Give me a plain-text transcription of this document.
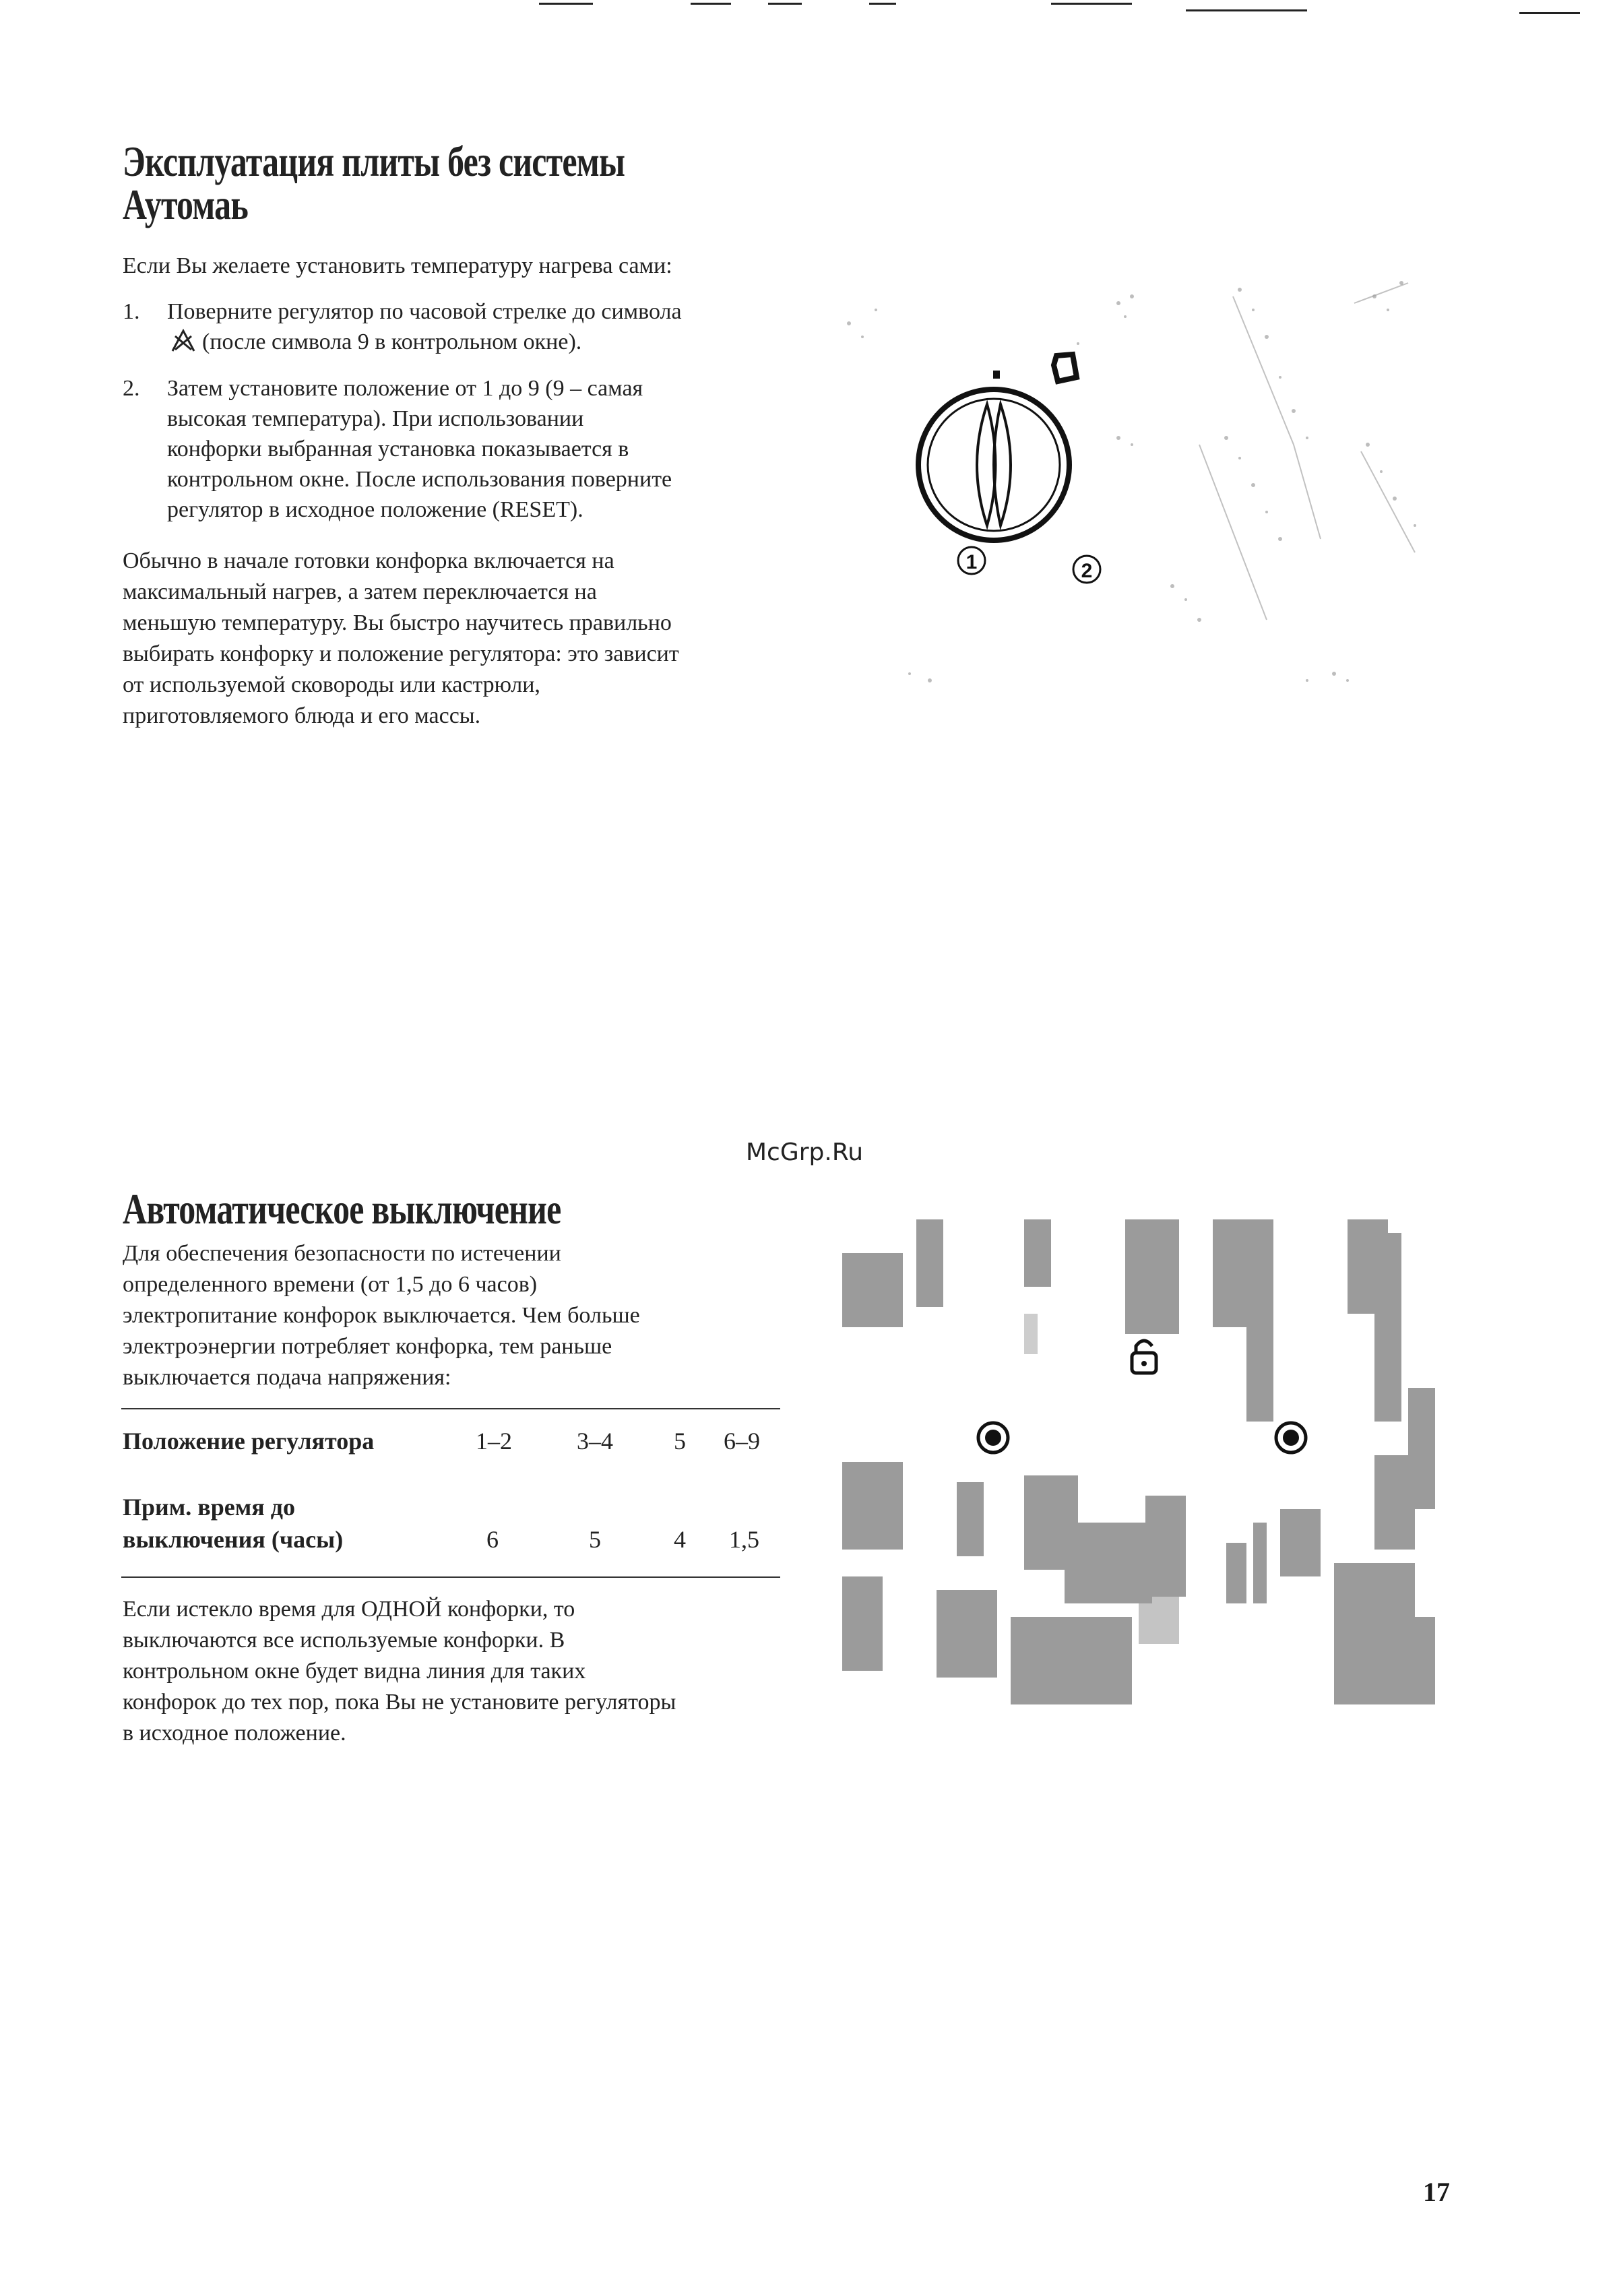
Эксплуатация плиты без системы
Аутомаь

Если Вы желаете установить температуру нагрева сами:

1. Поверните регулятор по часовой стрелке до символа
(после символа 9 в контрольном окне).
2. Затем установите положение от 1 до 9 (9 – самая
высокая температура). При использовании
конфорки выбранная установка показывается в
контрольном окне. После использования поверните
регулятор в исходное положение (RESET).
Обычно в начале готовки конфорка включается на
максимальный нагрев, а затем переключается на
меньшую температуру. Вы быстро научитесь правильно
выбирать конфорку и положение регулятора: это зависит
от используемой сковороды или кастрюли,
приготовляемого блюда и его массы.
1	2
McGrp.Ru
Автоматическое выключение
Для обеспечения безопасности по истечении
определенного времени (от 1,5 до 6 часов)
электропитание конфорок выключается. Чем больше
электроэнергии потребляет конфорка, тем раньше
выключается подача напряжения:
Положение регулятора	1–2	3–4	5 6–9
Прим. время до
выключения (часы)	6	5	4 1,5
Если истекло время для ОДНОЙ конфорки, то
выключаются все используемые конфорки. В
контрольном окне будет видна линия для таких
конфорок до тех пор, пока Вы не установите регуляторы
в исходное положение.
17
